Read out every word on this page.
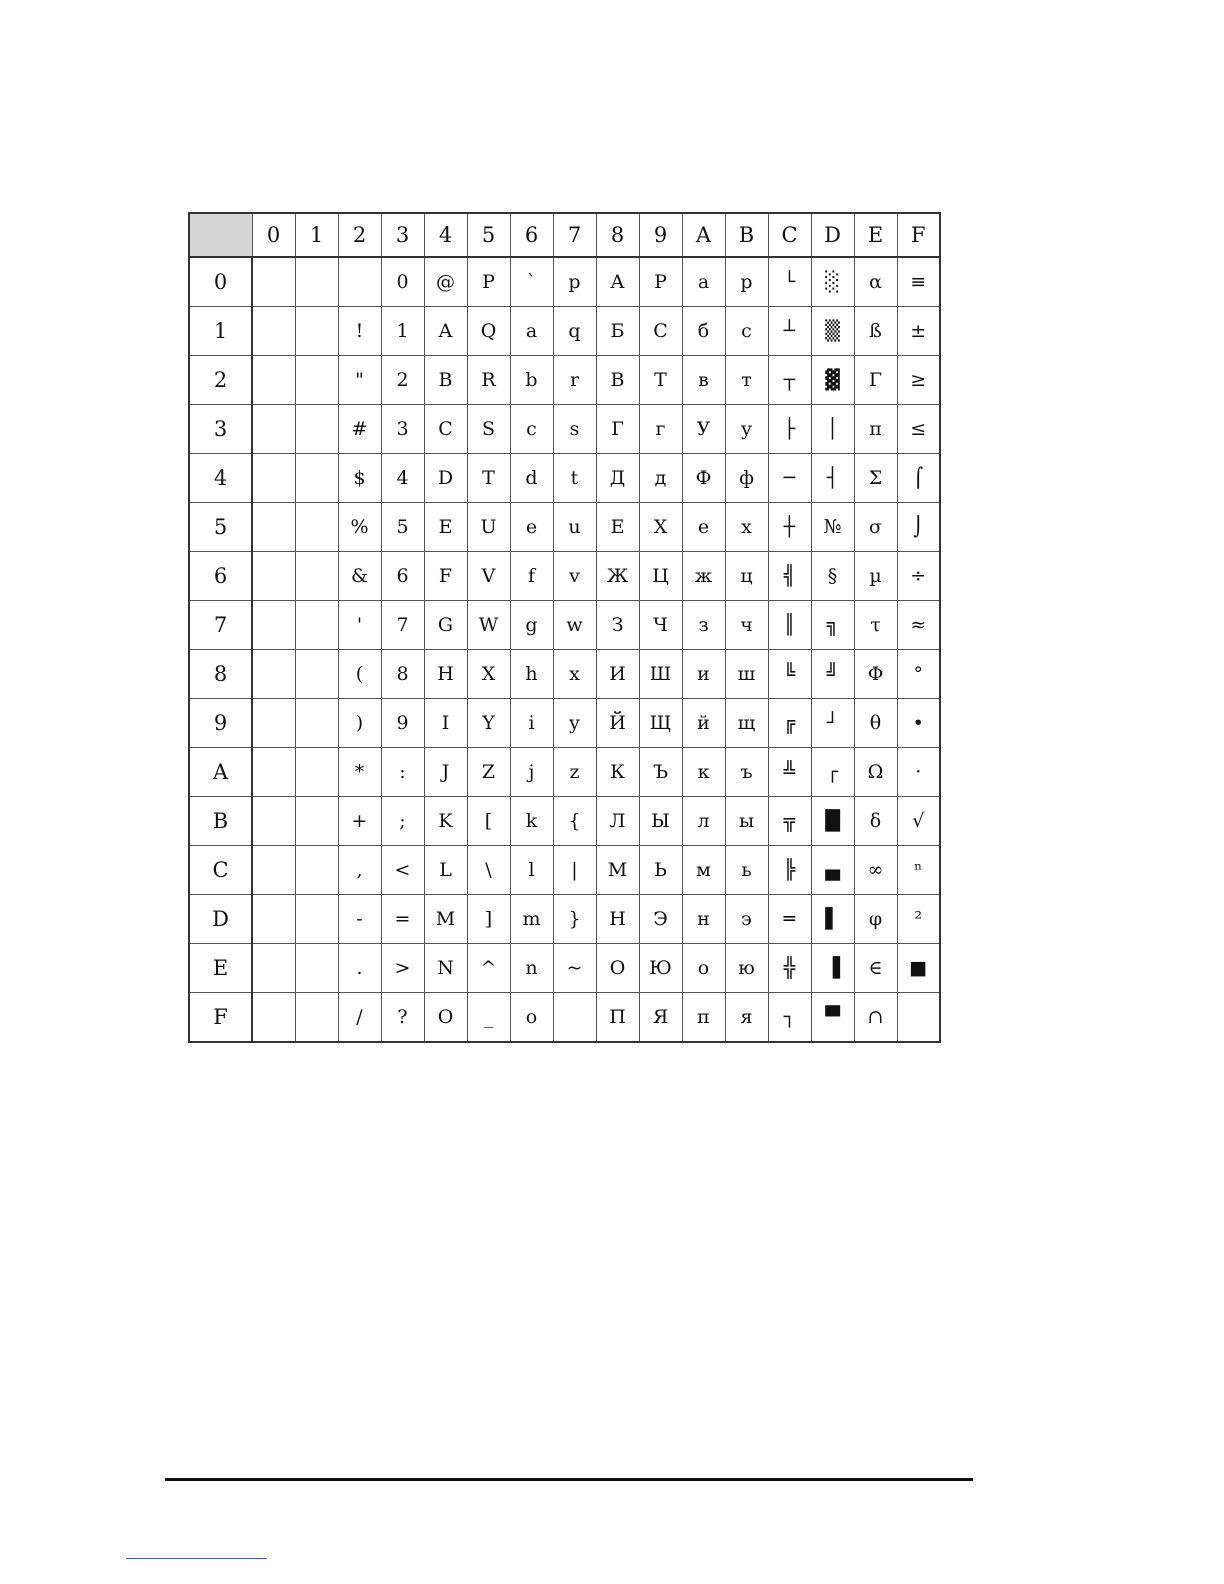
	0	1	2	3	4	5	6	7	8	9	A	B	C	D	E	F
0				0	@	P	`	p	А	Р	а	р	└	░	α	≡
1			!	1	A	Q	a	q	Б	С	б	с	┴	▒	ß	±
2			"	2	B	R	b	r	В	Т	в	т	┬	▓	Γ	≥
3			#	3	C	S	c	s	Г	г	У	у	├	│	π	≤
4			$	4	D	T	d	t	Д	д	Ф	ф	─	┤	Σ	⌠
5			%	5	E	U	e	u	Е	Х	е	х	┼	№	σ	⌡
6			&	6	F	V	f	v	Ж	Ц	ж	ц	╣	§	µ	÷
7			'	7	G	W	g	w	З	Ч	з	ч	║	╗	τ	≈
8			(	8	H	X	h	x	И	Ш	и	ш	╚	╝	Φ	°
9			)	9	I	Y	i	y	Й	Щ	й	щ	╔	┘	θ	•
A			*	:	J	Z	j	z	К	Ъ	к	ъ	╩	┌	Ω	·
B			+	;	K	[	k	{	Л	Ы	л	ы	╦	█	δ	√
C			,	<	L	\	l	|	М	Ь	м	ь	╠	▄	∞	ⁿ
D			-	=	M	]	m	}	Н	Э	н	э	═	▌	φ	²
E			.	>	N	^	n	~	О	Ю	о	ю	╬	▐	∈	■
F			/	?	O	_	o		П	Я	п	я	┐	▀	∩	
